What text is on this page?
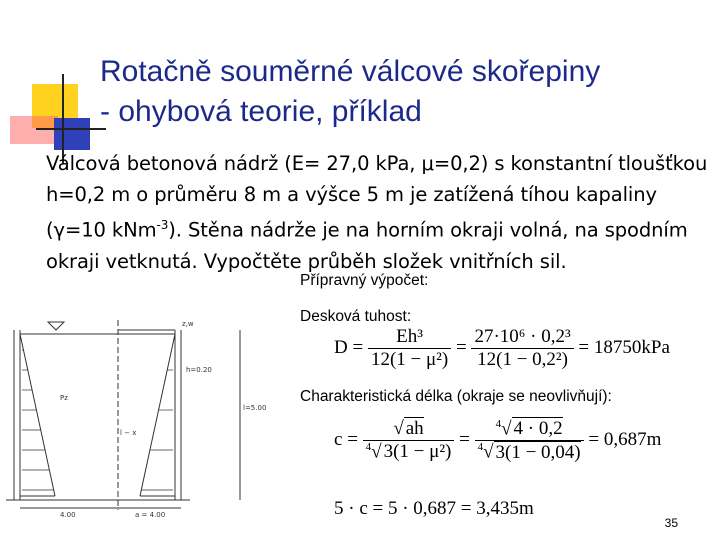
Rotačně souměrné válcové skořepiny
- ohybová teorie, příklad
Válcová betonová nádrž (E= 27,0 kPa, μ=0,2) s konstantní tloušťkou h=0,2 m o průměru 8 m a výšce 5 m je zatížená tíhou kapaliny (γ=10 kNm$^{-3}$). Stěna nádrže je na horním okraji volná, na spodním okraji vetknutá. Vypočtěte průběh složek vnitřních sil.
Přípravný výpočet:
z,w
h=0.20
l=5.00
Pz
l − x
4.00	a = 4.00
Desková tuhost:
$D = \frac{\text{Eh³}}{\text{12(1 − μ²)}} = \frac{\text{27·10⁶ · 0,2³}}{\text{12(1 − 0,2²)}} = 18750kPa$
Charakteristická délka (okraje se neovlivňují):
$c = \frac{√ ah}{^4√ 3(1 - \mu^2)} = \frac{^4√ 4 \cdot 0,2}{^4√ 3(1 - 0,04)} = 0,687m$
5 · c = 5 · 0,687 = 3,435m
35
